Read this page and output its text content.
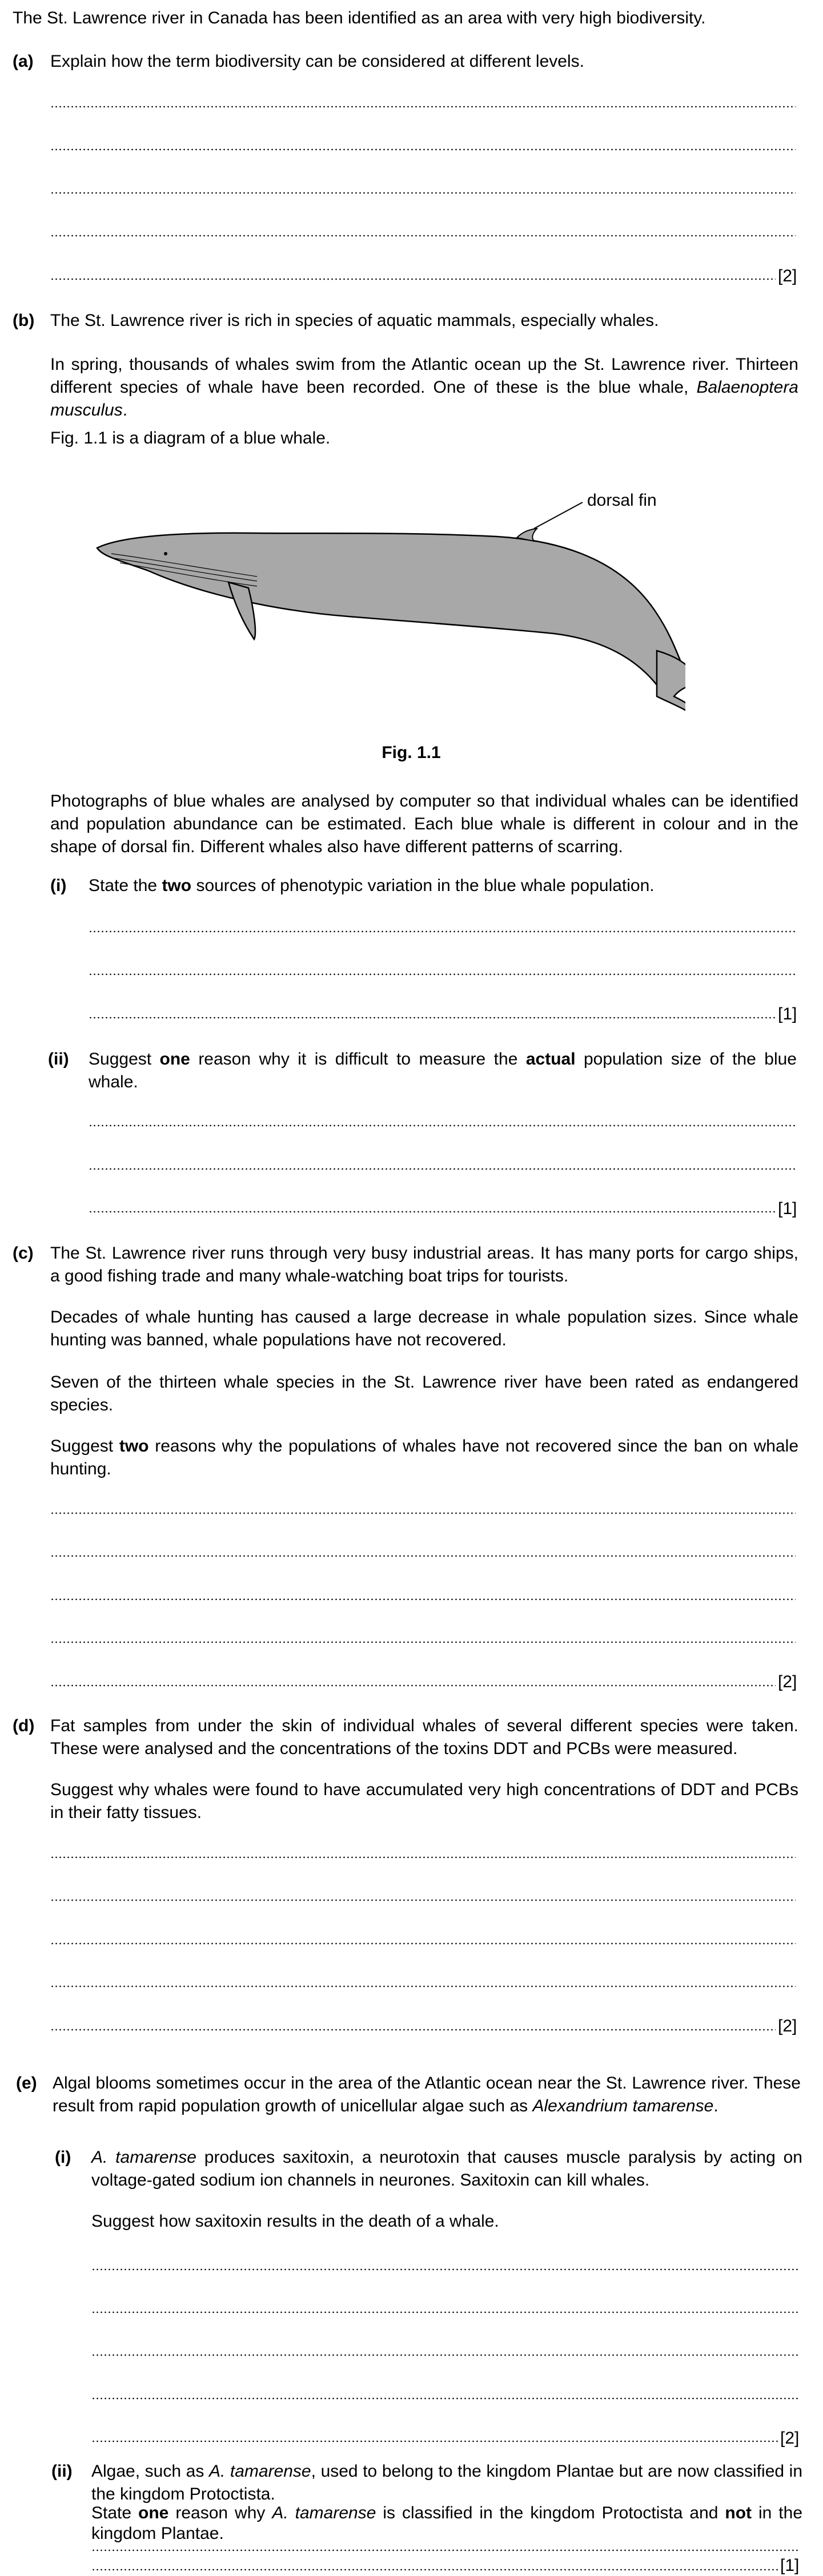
The St. Lawrence river in Canada has been identified as an area with very high biodiversity.

(a) Explain how the term biodiversity can be considered at different levels.

[2]

(b) The St. Lawrence river is rich in species of aquatic mammals, especially whales.

In spring, thousands of whales swim from the Atlantic ocean up the St. Lawrence river. Thirteen different species of whale have been recorded. One of these is the blue whale, Balaenoptera musculus.

Fig. 1.1 is a diagram of a blue whale.

dorsal fin
Fig. 1.1

Photographs of blue whales are analysed by computer so that individual whales can be identified and population abundance can be estimated. Each blue whale is different in colour and in the shape of dorsal fin. Different whales also have different patterns of scarring.

(i) State the two sources of phenotypic variation in the blue whale population.

[1]

(ii) Suggest one reason why it is difficult to measure the actual population size of the blue whale.

[1]

(c) The St. Lawrence river runs through very busy industrial areas. It has many ports for cargo ships, a good fishing trade and many whale-watching boat trips for tourists.

Decades of whale hunting has caused a large decrease in whale population sizes. Since whale hunting was banned, whale populations have not recovered.

Seven of the thirteen whale species in the St. Lawrence river have been rated as endangered species.

Suggest two reasons why the populations of whales have not recovered since the ban on whale hunting.

[2]

(d) Fat samples from under the skin of individual whales of several different species were taken. These were analysed and the concentrations of the toxins DDT and PCBs were measured.

Suggest why whales were found to have accumulated very high concentrations of DDT and PCBs in their fatty tissues.

[2]

(e) Algal blooms sometimes occur in the area of the Atlantic ocean near the St. Lawrence river. These result from rapid population growth of unicellular algae such as Alexandrium tamarense.

(i) A. tamarense produces saxitoxin, a neurotoxin that causes muscle paralysis by acting on voltage-gated sodium ion channels in neurones. Saxitoxin can kill whales.

Suggest how saxitoxin results in the death of a whale.

[2]

(ii) Algae, such as A. tamarense, used to belong to the kingdom Plantae but are now classified in the kingdom Protoctista.

State one reason why A. tamarense is classified in the kingdom Protoctista and not in the kingdom Plantae.

[1]
